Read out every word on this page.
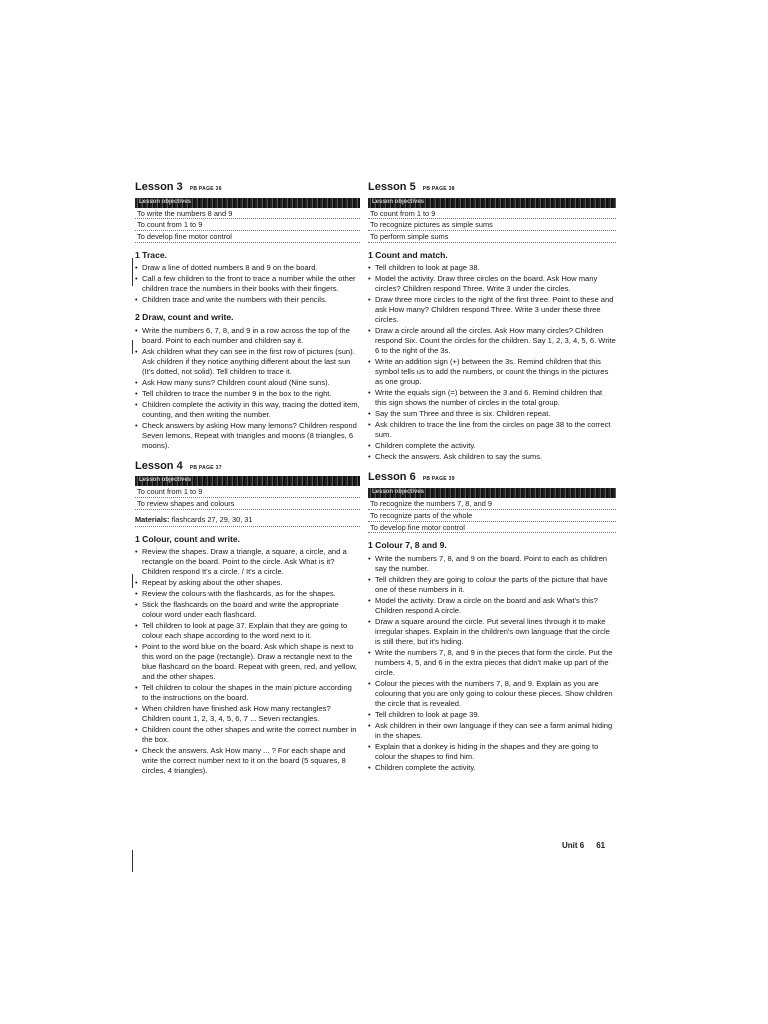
Lesson 3 PB PAGE 36
Lesson objectives
To write the numbers 8 and 9
To count from 1 to 9
To develop fine motor control
1 Trace.
• Draw a line of dotted numbers 8 and 9 on the board.
• Call a few children to the front to trace a number while the other children trace the numbers in their books with their fingers.
• Children trace and write the numbers with their pencils.
2 Draw, count and write.
• Write the numbers 6, 7, 8, and 9 in a row across the top of the board. Point to each number and children say it.
• Ask children what they can see in the first row of pictures (sun). Ask children if they notice anything different about the last sun (It's dotted, not solid). Tell children to trace it.
• Ask How many suns? Children count aloud (Nine suns).
• Tell children to trace the number 9 in the box to the right.
• Children complete the activity in this way, tracing the dotted item, counting, and then writing the number.
• Check answers by asking How many lemons? Children respond Seven lemons. Repeat with triangles and moons (8 triangles, 6 moons).
Lesson 4 PB PAGE 37
Lesson objectives
To count from 1 to 9
To review shapes and colours
Materials: flashcards 27, 29, 30, 31
1 Colour, count and write.
• Review the shapes. Draw a triangle, a square, a circle, and a rectangle on the board. Point to the circle. Ask What is it? Children respond It's a circle. / It's a circle.
• Repeat by asking about the other shapes.
• Review the colours with the flashcards, as for the shapes.
• Stick the flashcards on the board and write the appropriate colour word under each flashcard.
• Tell children to look at page 37. Explain that they are going to colour each shape according to the word next to it.
• Point to the word blue on the board. Ask which shape is next to this word on the page (rectangle). Draw a rectangle next to the blue flashcard on the board. Repeat with green, red, and yellow, and the other shapes.
• Tell children to colour the shapes in the main picture according to the instructions on the board.
• When children have finished ask How many rectangles? Children count 1, 2, 3, 4, 5, 6, 7 ... Seven rectangles.
• Children count the other shapes and write the correct number in the box.
• Check the answers. Ask How many ... ? For each shape and write the correct number next to it on the board (5 squares, 8 circles, 4 triangles).
Lesson 5 PB PAGE 38
Lesson objectives
To count from 1 to 9
To recognize pictures as simple sums
To perform simple sums
1 Count and match.
• Tell children to look at page 38.
• Model the activity. Draw three circles on the board. Ask How many circles? Children respond Three. Write 3 under the circles.
• Draw three more circles to the right of the first three. Point to these and ask How many? Children respond Three. Write 3 under these three circles.
• Draw a circle around all the circles. Ask How many circles? Children respond Six. Count the circles for the children. Say 1, 2, 3, 4, 5, 6. Write 6 to the right of the 3s.
• Write an addition sign (+) between the 3s. Remind children that this symbol tells us to add the numbers, or count the things in the pictures as one group.
• Write the equals sign (=) between the 3 and 6. Remind children that this sign shows the number of circles in the total group.
• Say the sum Three and three is six. Children repeat.
• Ask children to trace the line from the circles on page 38 to the correct sum.
• Children complete the activity.
• Check the answers. Ask children to say the sums.
Lesson 6 PB PAGE 39
Lesson objectives
To recognize the numbers 7, 8, and 9
To recognize parts of the whole
To develop fine motor control
1 Colour 7, 8 and 9.
• Write the numbers 7, 8, and 9 on the board. Point to each as children say the number.
• Tell children they are going to colour the parts of the picture that have one of these numbers in it.
• Model the activity. Draw a circle on the board and ask What's this? Children respond A circle.
• Draw a square around the circle. Put several lines through it to make irregular shapes. Explain in the children's own language that the circle is still there, but it's hiding.
• Write the numbers 7, 8, and 9 in the pieces that form the circle. Put the numbers 4, 5, and 6 in the extra pieces that didn't make up part of the circle.
• Colour the pieces with the numbers 7, 8, and 9. Explain as you are colouring that you are only going to colour these pieces. Show children the circle that is revealed.
• Tell children to look at page 39.
• Ask children in their own language if they can see a farm animal hiding in the shapes.
• Explain that a donkey is hiding in the shapes and they are going to colour the shapes to find him.
• Children complete the activity.
Unit 6 61
